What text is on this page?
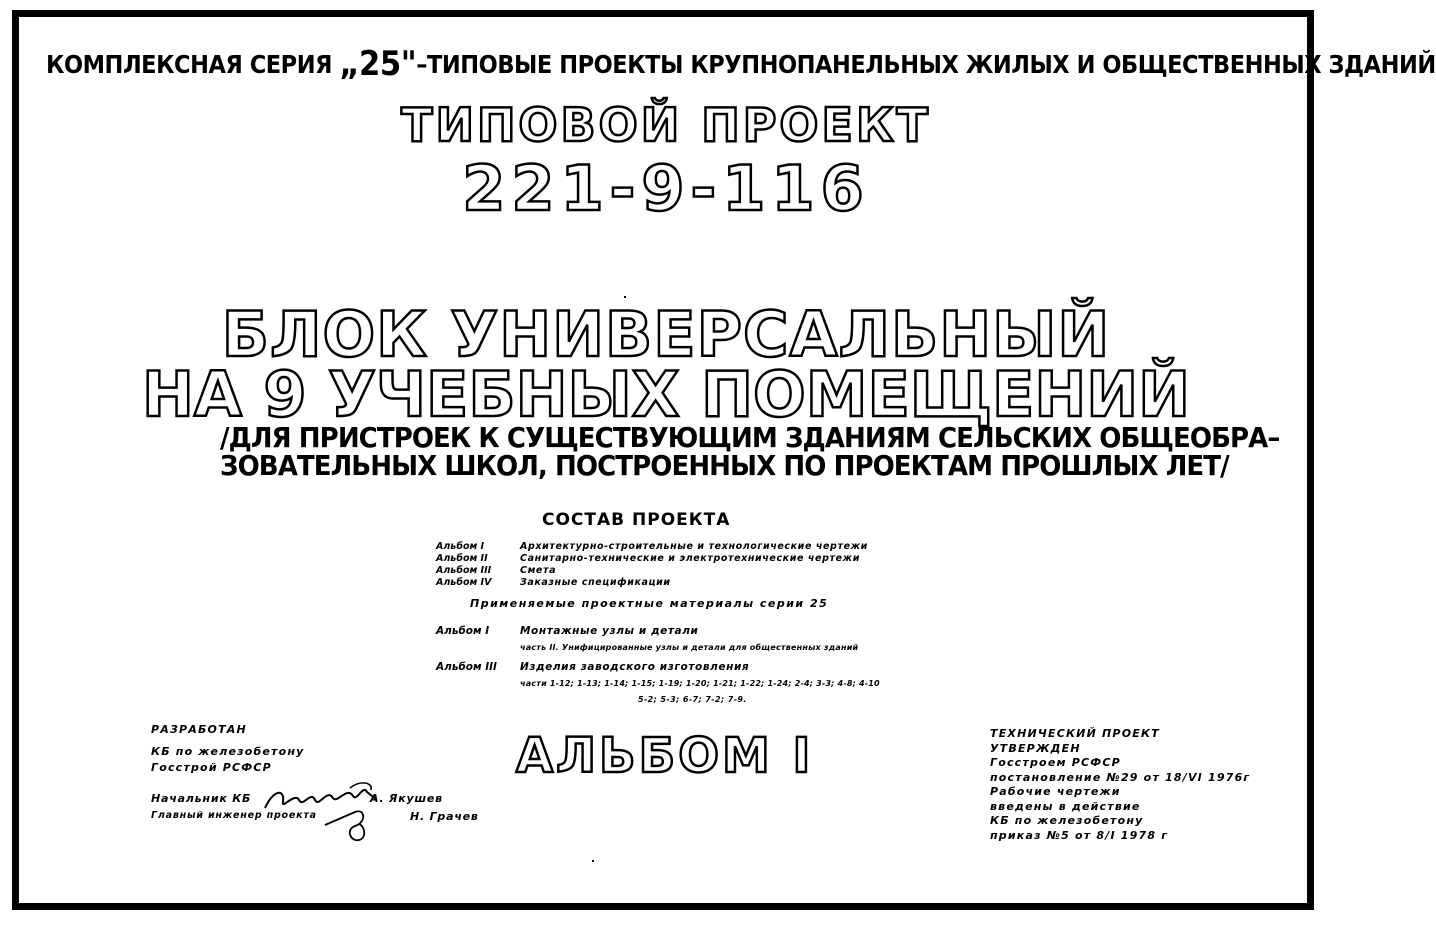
КОМПЛЕКСНАЯ СЕРИЯ „25"–ТИПОВЫЕ ПРОЕКТЫ КРУПНОПАНЕЛЬНЫХ ЖИЛЫХ И ОБЩЕСТВЕННЫХ ЗДАНИЙ
ТИПОВОЙ ПРОЕКТ
221-9-116
БЛОК УНИВЕРСАЛЬНЫЙ
НА 9 УЧЕБНЫХ ПОМЕЩЕНИЙ
/ДЛЯ ПРИСТРОЕК К СУЩЕСТВУЮЩИМ ЗДАНИЯМ СЕЛЬСКИХ ОБЩЕОБРА–
ЗОВАТЕЛЬНЫХ ШКОЛ, ПОСТРОЕННЫХ ПО ПРОЕКТАМ ПРОШЛЫХ ЛЕТ/
СОСТАВ ПРОЕКТА
Альбом I	Архитектурно-строительные и технологические чертежи
Альбом II	Санитарно-технические и электротехнические чертежи
Альбом III	Смета
Альбом IV	Заказные спецификации
Применяемые проектные материалы серии 25
Альбом I	Монтажные узлы и детали
часть II. Унифицированные узлы и детали для общественных зданий
Альбом III Изделия заводского изготовления
части 1-12; 1-13; 1-14; 1-15; 1-19; 1-20; 1-21; 1-22; 1-24; 2-4; 3-3; 4-8; 4-10
5-2; 5-3; 6-7; 7-2; 7-9.
АЛЬБОМ I
РАЗРАБОТАН
КБ по железобетону
Госстрой РСФСР
Начальник КБ	А. Якушев
Главный инженер проекта	Н. Грачев
ТЕХНИЧЕСКИЙ ПРОЕКТ
УТВЕРЖДЕН
Госстроем РСФСР
постановление №29 от 18/VI 1976г
Рабочие чертежи
введены в действие
КБ по железобетону
приказ №5 от 8/I 1978 г
